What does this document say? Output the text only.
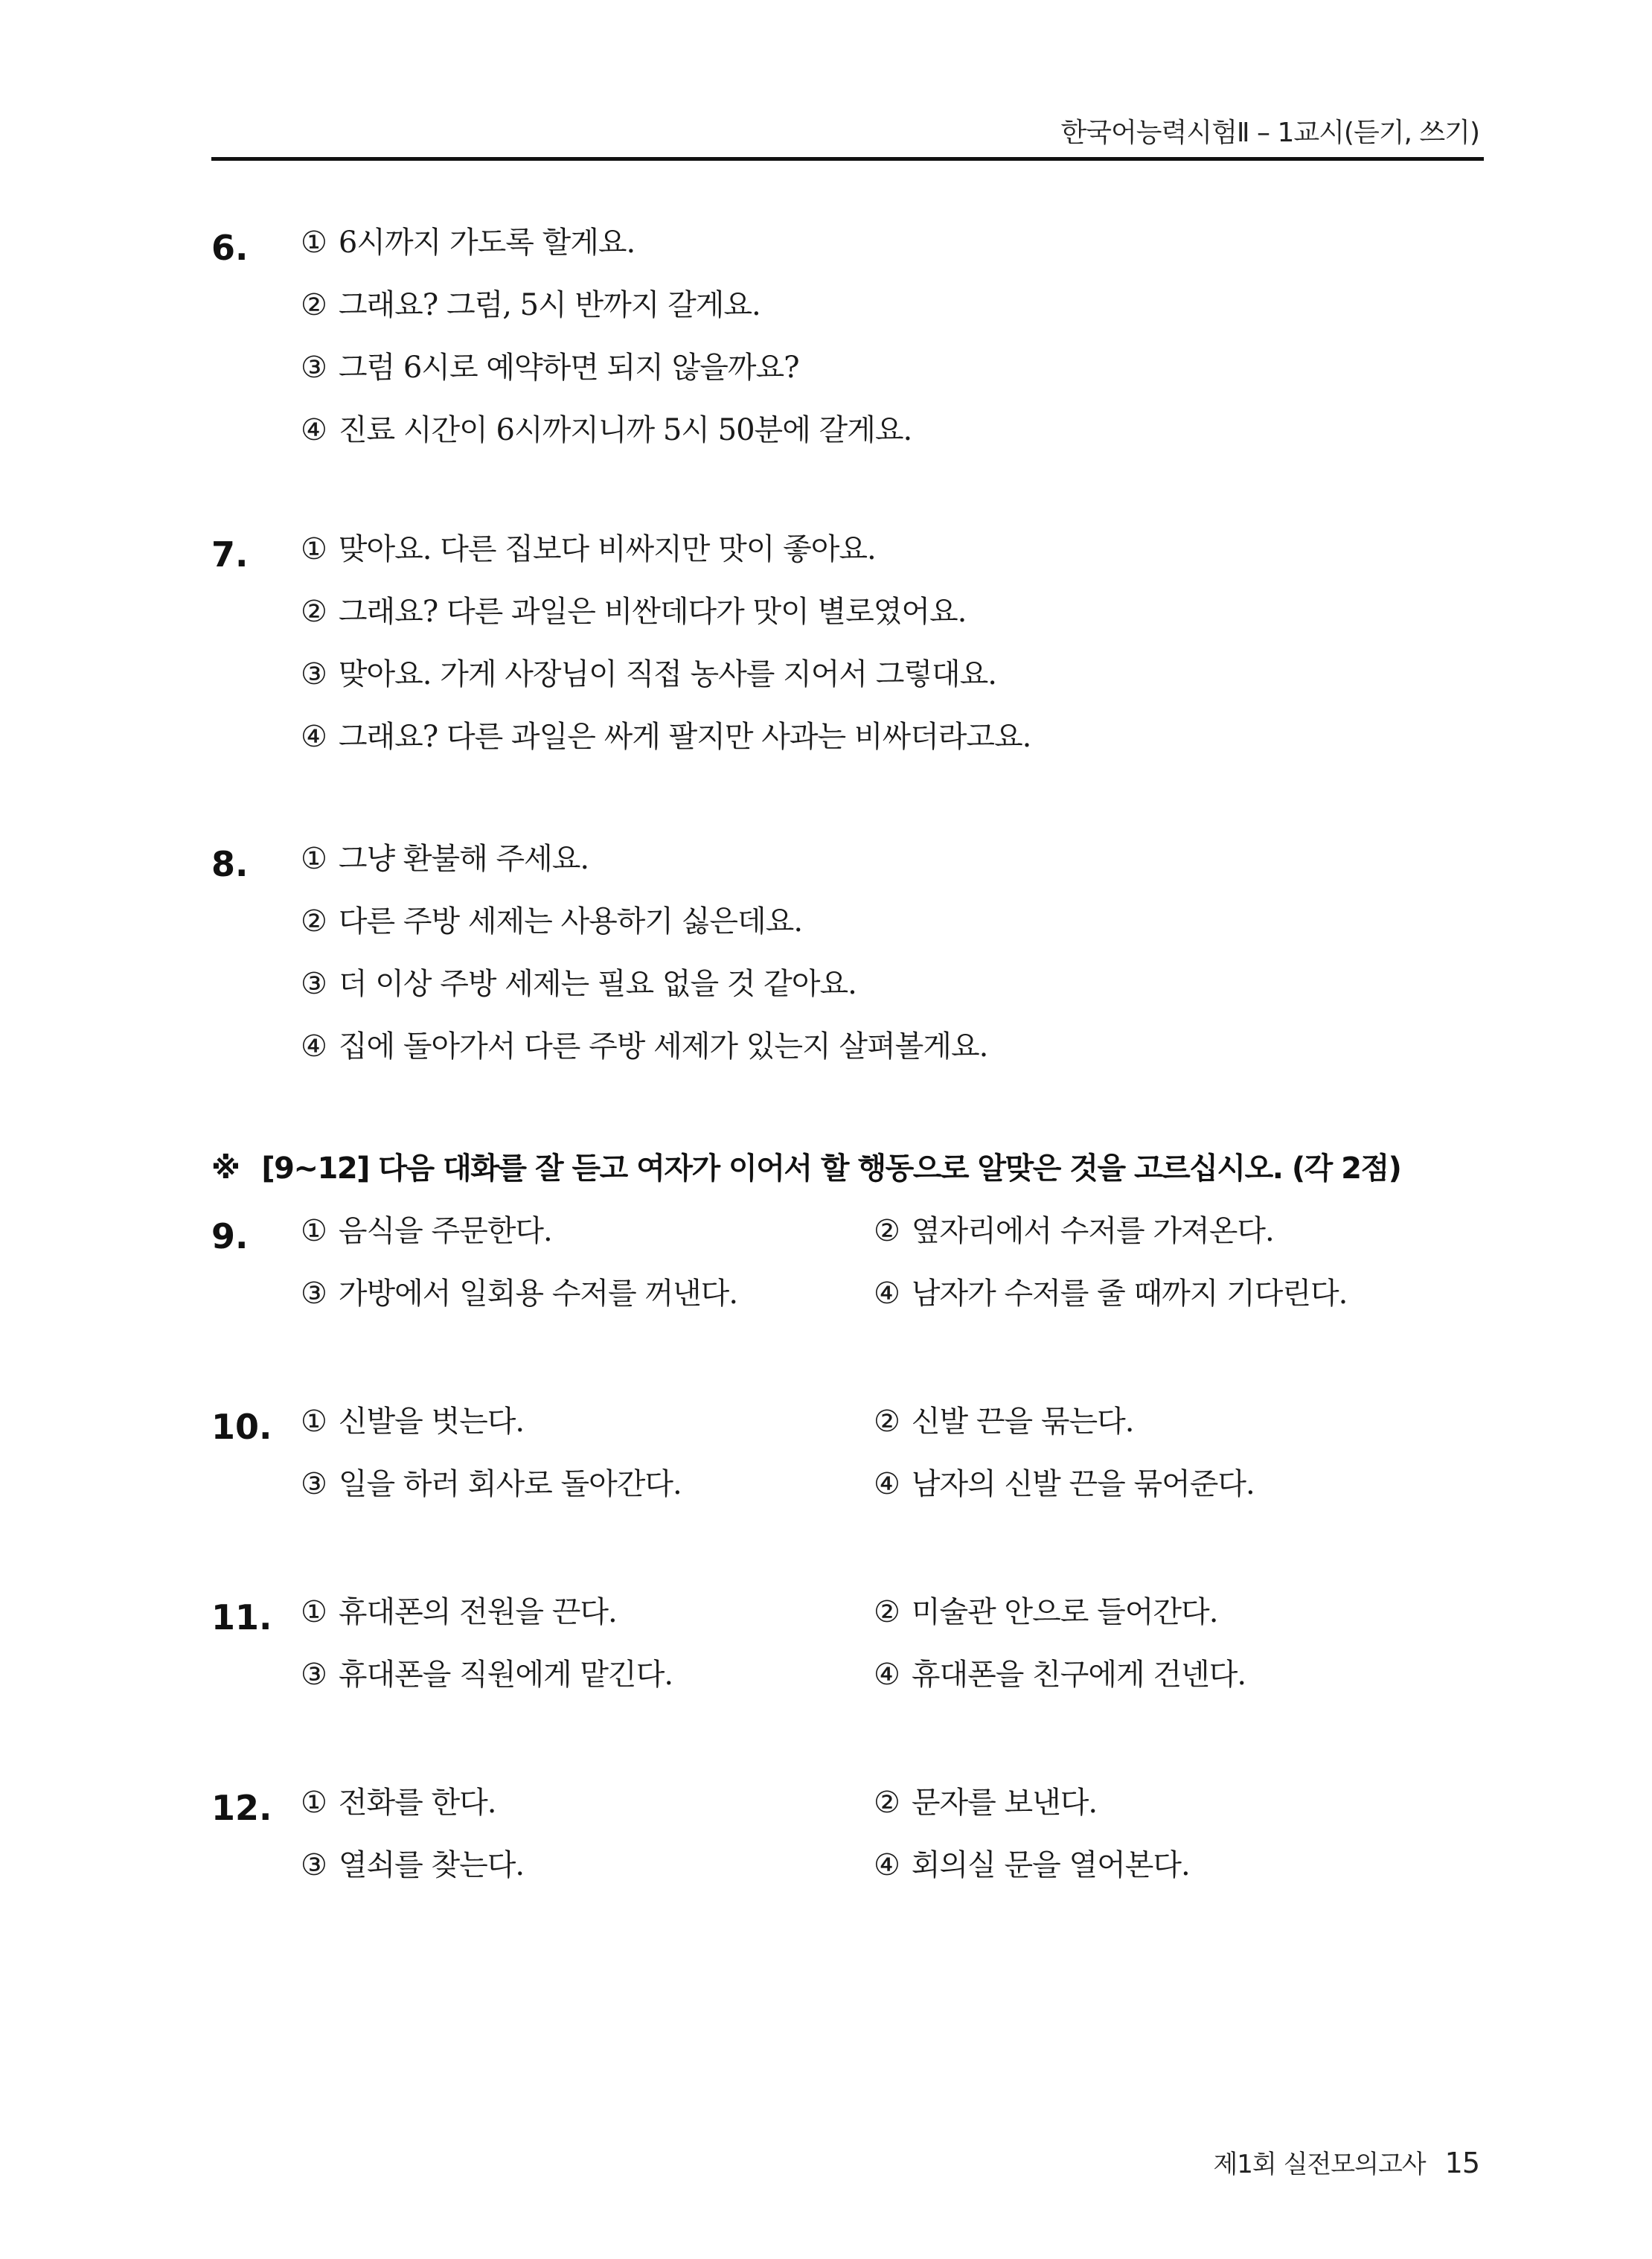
한국어능력시험Ⅱ – 1교시(듣기, 쓰기)
6. ① 6시까지 가도록 할게요.
② 그래요? 그럼, 5시 반까지 갈게요.
③ 그럼 6시로 예약하면 되지 않을까요?
④ 진료 시간이 6시까지니까 5시 50분에 갈게요.
7. ① 맞아요. 다른 집보다 비싸지만 맛이 좋아요.
② 그래요? 다른 과일은 비싼데다가 맛이 별로였어요.
③ 맞아요. 가게 사장님이 직접 농사를 지어서 그렇대요.
④ 그래요? 다른 과일은 싸게 팔지만 사과는 비싸더라고요.
8. ① 그냥 환불해 주세요.
② 다른 주방 세제는 사용하기 싫은데요.
③ 더 이상 주방 세제는 필요 없을 것 같아요.
④ 집에 돌아가서 다른 주방 세제가 있는지 살펴볼게요.
※ [9~12] 다음 대화를 잘 듣고 여자가 이어서 할 행동으로 알맞은 것을 고르십시오. (각 2점)
9. ① 음식을 주문한다.	② 옆자리에서 수저를 가져온다.
③ 가방에서 일회용 수저를 꺼낸다.	④ 남자가 수저를 줄 때까지 기다린다.
10. ① 신발을 벗는다.	② 신발 끈을 묶는다.
③ 일을 하러 회사로 돌아간다.	④ 남자의 신발 끈을 묶어준다.
11. ① 휴대폰의 전원을 끈다.	② 미술관 안으로 들어간다.
③ 휴대폰을 직원에게 맡긴다.	④ 휴대폰을 친구에게 건넨다.
12. ① 전화를 한다.	② 문자를 보낸다.
③ 열쇠를 찾는다.	④ 회의실 문을 열어본다.
제1회 실전모의고사 15
